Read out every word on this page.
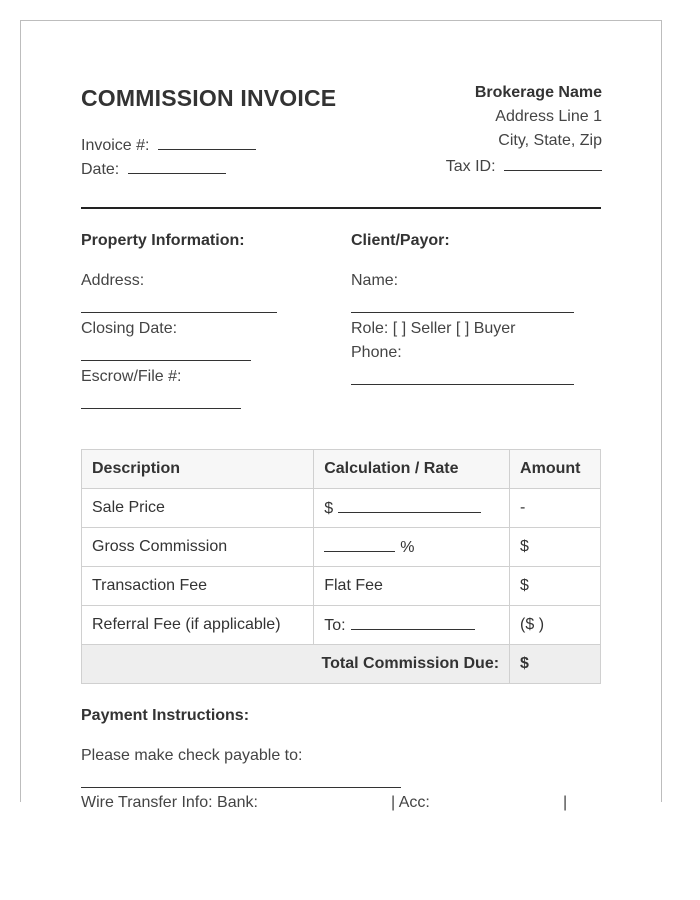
COMMISSION INVOICE
Invoice #:
Date:
Brokerage Name
Address Line 1
City, State, Zip
Tax ID:
Property Information:
Address:
Closing Date:
Escrow/File #:
Client/Payor:
Name:
Role: [ ] Seller [ ] Buyer
Phone:
Description	Calculation / Rate	Amount
Sale Price	$	-
Gross Commission	%	$
Transaction Fee	Flat Fee	$
Referral Fee (if applicable)	To:	($ )
Total Commission Due:		$
Payment Instructions:
Please make check payable to:
Wire Transfer Info: Bank:	| Acc:	|
